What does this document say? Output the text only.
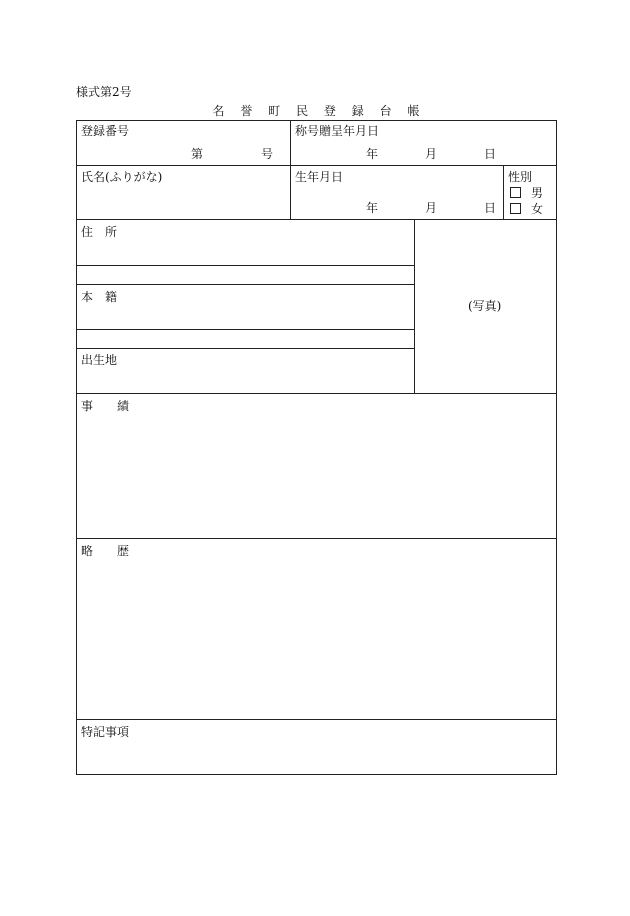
様式第2号
名 誉 町 民 登 録 台 帳
登録番号
第	号
称号贈呈年月日
年	月	日
氏名(ふりがな)	生年月日
年	月	日
性別
男
女
住　所
本　籍
出生地
(写真)
事　　績
略　　歴
特記事項
